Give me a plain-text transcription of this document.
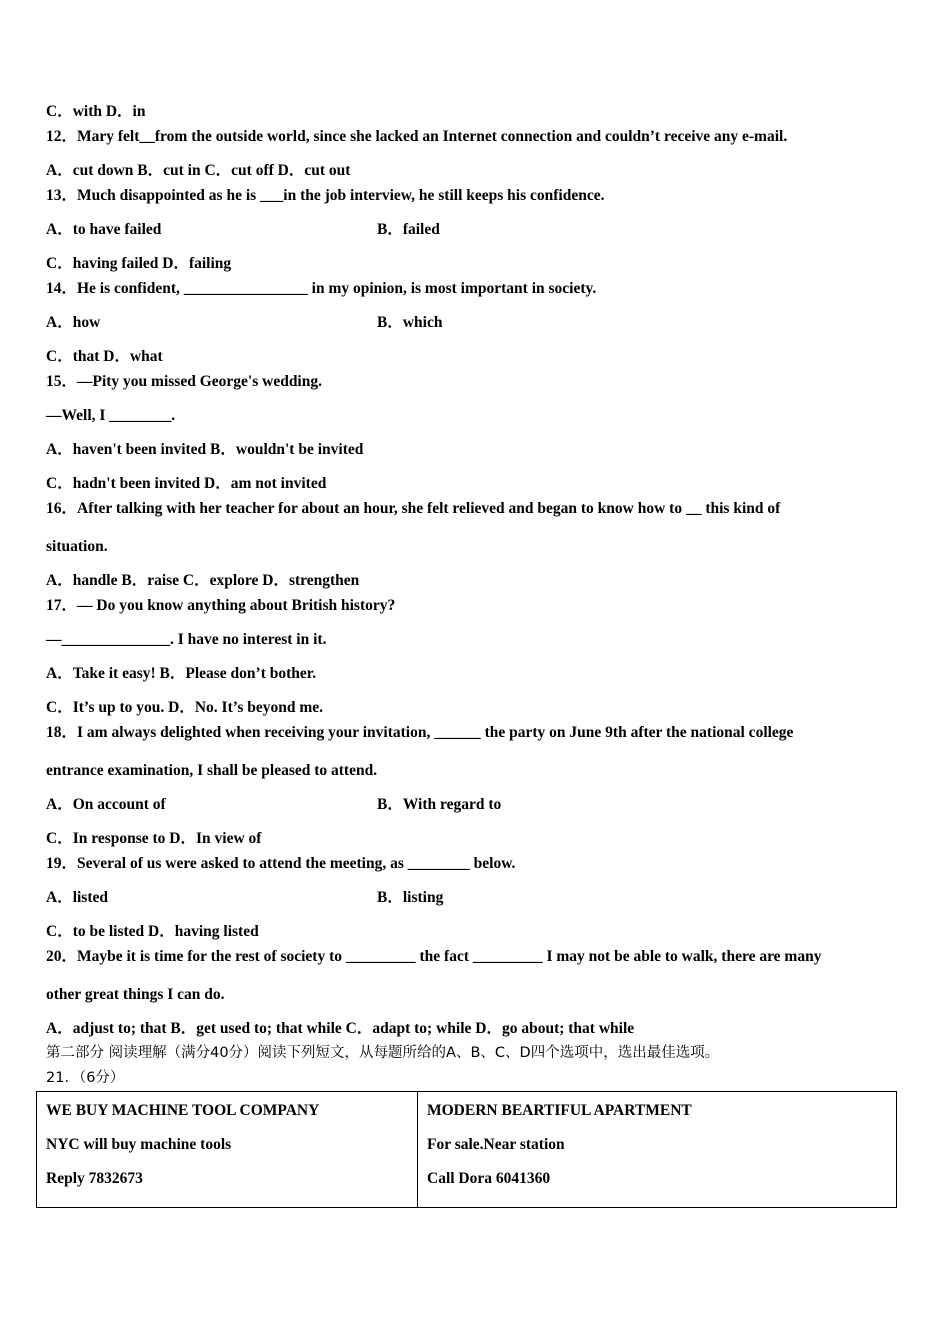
C．with D．in
12．Mary felt__from the outside world, since she lacked an Internet connection and couldn’t receive any e-mail.
A．cut down B．cut in C．cut off D．cut out
13．Much disappointed as he is ___in the job interview, he still keeps his confidence.
A．to have failed	B．failed
C．having failed D．failing
14．He is confident, ________________ in my opinion, is most important in society.
A．how	B．which
C．that D．what
15．—Pity you missed George's wedding.
—Well, I ________.
A．haven't been invited B．wouldn't be invited
C．hadn't been invited D．am not invited
16．After talking with her teacher for about an hour, she felt relieved and began to know how to __ this kind of
situation.
A．handle B．raise C．explore D．strengthen
17．— Do you know anything about British history?
—______________. I have no interest in it.
A．Take it easy! B．Please don’t bother.
C．It’s up to you. D．No. It’s beyond me.
18．I am always delighted when receiving your invitation, ______ the party on June 9th after the national college
entrance examination, I shall be pleased to attend.
A．On account of	B．With regard to
C．In response to D．In view of
19．Several of us were asked to attend the meeting, as ________ below.
A．listed	B．listing
C．to be listed D．having listed
20．Maybe it is time for the rest of society to _________ the fact _________ I may not be able to walk, there are many
other great things I can do.
A．adjust to; that B．get used to; that while C．adapt to; while D．go about; that while
第二部分 阅读理解（满分40分）阅读下列短文，从每题所给的A、B、C、D四个选项中，选出最佳选项。
21．（6分）
WE BUY MACHINE TOOL COMPANY
NYC will buy machine tools
Reply 7832673

MODERN BEARTIFUL APARTMENT
For sale.Near station
Call Dora 6041360
